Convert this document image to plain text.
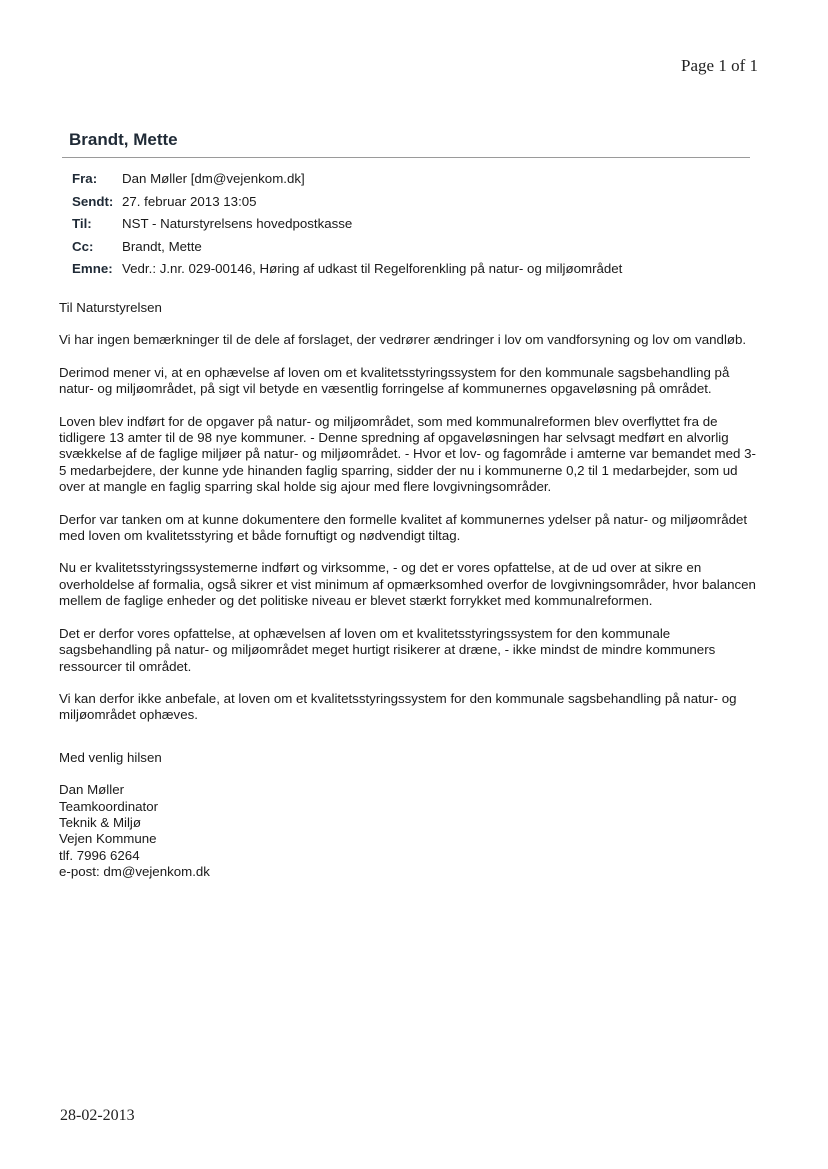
Page 1 of 1
Brandt, Mette
Fra:	Dan Møller [dm@vejenkom.dk]
Sendt: 27. februar 2013 13:05
Til:	NST - Naturstyrelsens hovedpostkasse
Cc:	Brandt, Mette
Emne: Vedr.: J.nr. 029-00146, Høring af udkast til Regelforenkling på natur- og miljøområdet

Til Naturstyrelsen

Vi har ingen bemærkninger til de dele af forslaget, der vedrører ændringer i lov om vandforsyning og lov om vandløb.

Derimod mener vi, at en ophævelse af loven om et kvalitetsstyringssystem for den kommunale sagsbehandling på natur- og miljøområdet, på sigt vil betyde en væsentlig forringelse af kommunernes opgaveløsning på området.

Loven blev indført for de opgaver på natur- og miljøområdet, som med kommunalreformen blev overflyttet fra de tidligere 13 amter til de 98 nye kommuner. - Denne spredning af opgaveløsningen har selvsagt medført en alvorlig svækkelse af de faglige miljøer på natur- og miljøområdet. - Hvor et lov- og fagområde i amterne var bemandet med 3-5 medarbejdere, der kunne yde hinanden faglig sparring, sidder der nu i kommunerne 0,2 til 1 medarbejder, som ud over at mangle en faglig sparring skal holde sig ajour med flere lovgivningsområder.

Derfor var tanken om at kunne dokumentere den formelle kvalitet af kommunernes ydelser på natur- og miljøområdet med loven om kvalitetsstyring et både fornuftigt og nødvendigt tiltag.

Nu er kvalitetsstyringssystemerne indført og virksomme, - og det er vores opfattelse, at de ud over at sikre en overholdelse af formalia, også sikrer et vist minimum af opmærksomhed overfor de lovgivningsområder, hvor balancen mellem de faglige enheder og det politiske niveau er blevet stærkt forrykket med kommunalreformen.

Det er derfor vores opfattelse, at ophævelsen af loven om et kvalitetsstyringssystem for den kommunale sagsbehandling på natur- og miljøområdet meget hurtigt risikerer at dræne, - ikke mindst de mindre kommuners ressourcer til området.

Vi kan derfor ikke anbefale, at loven om et kvalitetsstyringssystem for den kommunale sagsbehandling på natur- og miljøområdet ophæves.

Med venlig hilsen

Dan Møller
Teamkoordinator
Teknik & Miljø
Vejen Kommune
tlf. 7996 6264
e-post: dm@vejenkom.dk
28-02-2013
